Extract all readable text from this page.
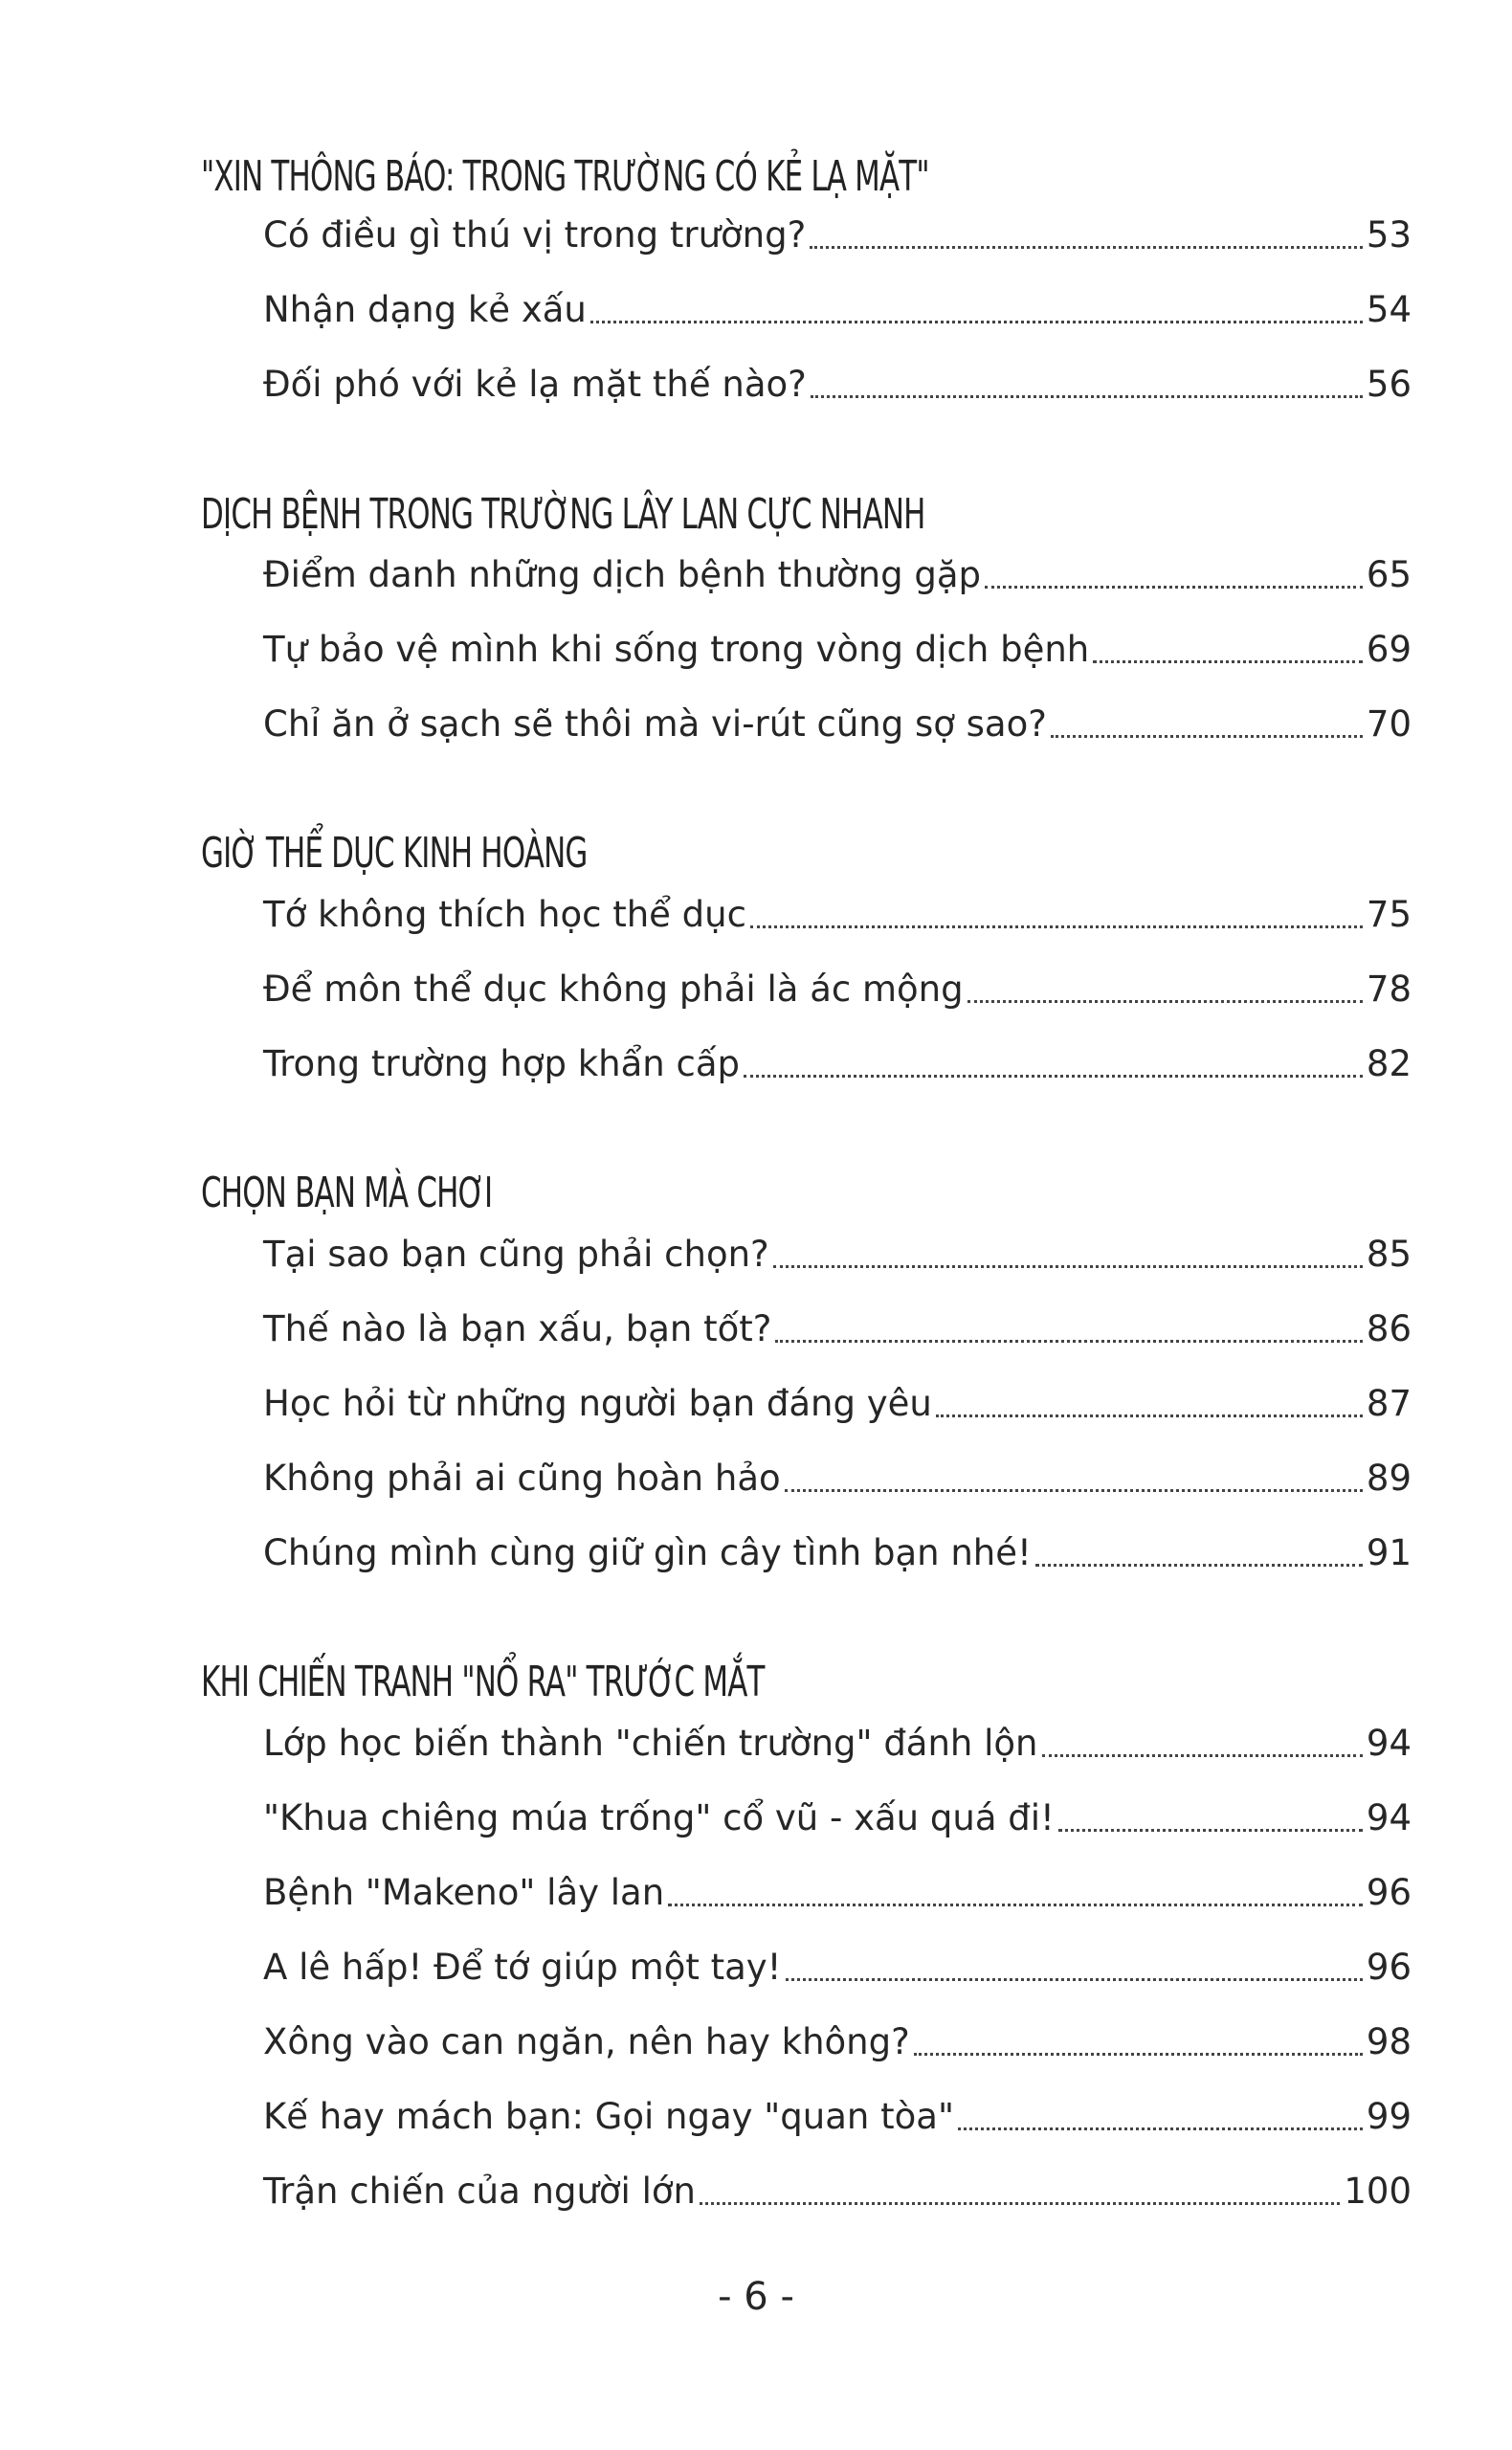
"XIN THÔNG BÁO: TRONG TRƯỜNG CÓ KẺ LẠ MẶT"
Có điều gì thú vị trong trường?	53
Nhận dạng kẻ xấu	54
Đối phó với kẻ lạ mặt thế nào?	56
DỊCH BỆNH TRONG TRƯỜNG LÂY LAN CỰC NHANH
Điểm danh những dịch bệnh thường gặp	65
Tự bảo vệ mình khi sống trong vòng dịch bệnh	69
Chỉ ăn ở sạch sẽ thôi mà vi-rút cũng sợ sao?	70
GIỜ THỂ DỤC KINH HOÀNG
Tớ không thích học thể dục	75
Để môn thể dục không phải là ác mộng	78
Trong trường hợp khẩn cấp	82
CHỌN BẠN MÀ CHƠI
Tại sao bạn cũng phải chọn?	85
Thế nào là bạn xấu, bạn tốt?	86
Học hỏi từ những người bạn đáng yêu	87
Không phải ai cũng hoàn hảo	89
Chúng mình cùng giữ gìn cây tình bạn nhé!	91
KHI CHIẾN TRANH "NỔ RA" TRƯỚC MẮT
Lớp học biến thành "chiến trường" đánh lộn	94
"Khua chiêng múa trống" cổ vũ - xấu quá đi!	94
Bệnh "Makeno" lây lan	96
A lê hấp! Để tớ giúp một tay!	96
Xông vào can ngăn, nên hay không?	98
Kế hay mách bạn: Gọi ngay "quan tòa"	99
Trận chiến của người lớn	100
- 6 -
